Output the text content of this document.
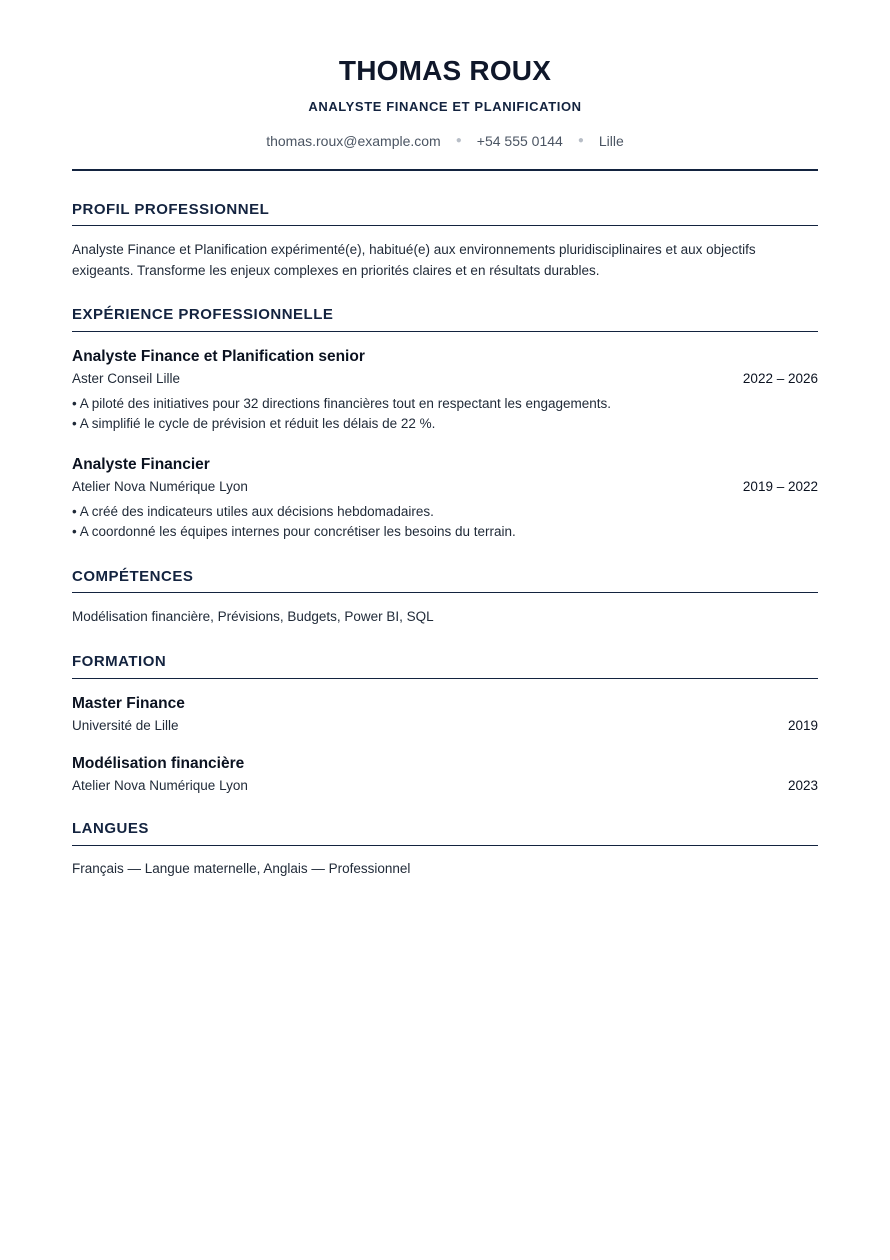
THOMAS ROUX
ANALYSTE FINANCE ET PLANIFICATION
thomas.roux@example.com ● +54 555 0144 ● Lille
PROFIL PROFESSIONNEL
Analyste Finance et Planification expérimenté(e), habitué(e) aux environnements pluridisciplinaires et aux objectifs exigeants. Transforme les enjeux complexes en priorités claires et en résultats durables.
EXPÉRIENCE PROFESSIONNELLE
Analyste Finance et Planification senior
Aster Conseil Lille	2022 – 2026
• A piloté des initiatives pour 32 directions financières tout en respectant les engagements.
• A simplifié le cycle de prévision et réduit les délais de 22 %.
Analyste Financier
Atelier Nova Numérique Lyon	2019 – 2022
• A créé des indicateurs utiles aux décisions hebdomadaires.
• A coordonné les équipes internes pour concrétiser les besoins du terrain.
COMPÉTENCES
Modélisation financière, Prévisions, Budgets, Power BI, SQL
FORMATION
Master Finance
Université de Lille	2019
Modélisation financière
Atelier Nova Numérique Lyon	2023
LANGUES
Français — Langue maternelle, Anglais — Professionnel
